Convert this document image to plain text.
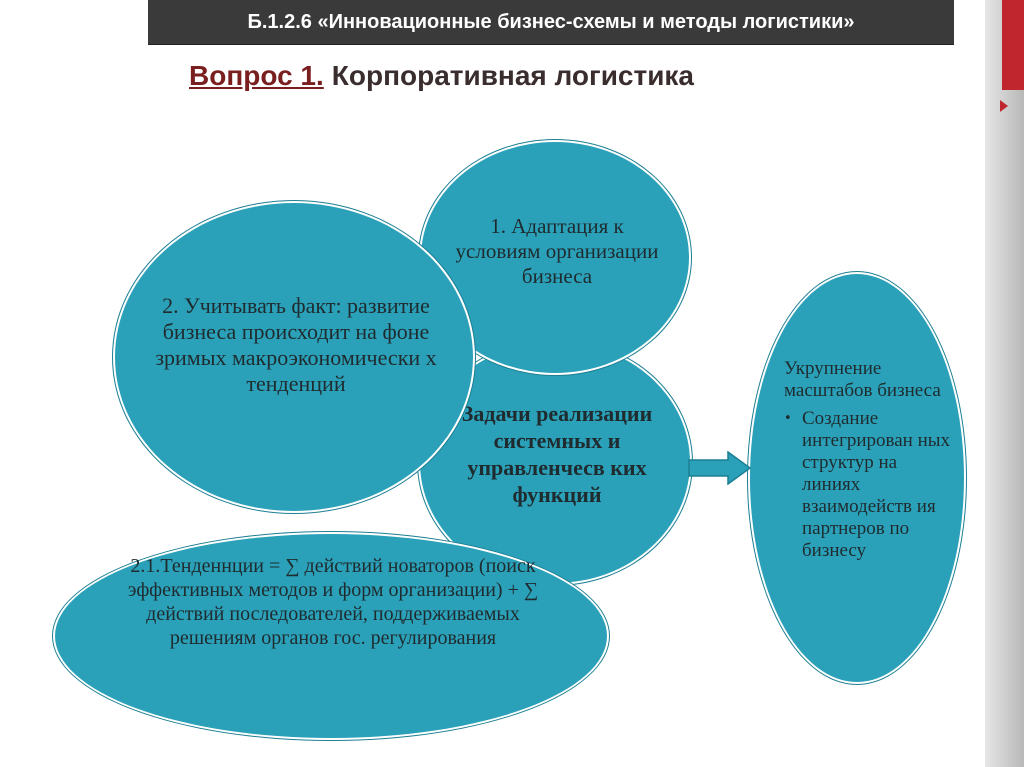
Б.1.2.6 «Инновационные бизнес-схемы и методы логистики»
Вопрос 1. Корпоративная логистика
Задачи реализации системных и управленчесв ких функций
1. Адаптация к условиям организации бизнеса
2. Учитывать факт: развитие бизнеса происходит на фоне зримых макроэкономически х тенденций
2.1.Тенденнции = ∑ действий новаторов (поиск эффективных методов и форм организации) + ∑ действий последователей, поддерживаемых решениям органов гос. регулирования
Укрупнение масштабов бизнеса
• Создание интегрирован ных структур на линиях взаимодейств ия партнеров по бизнесу
